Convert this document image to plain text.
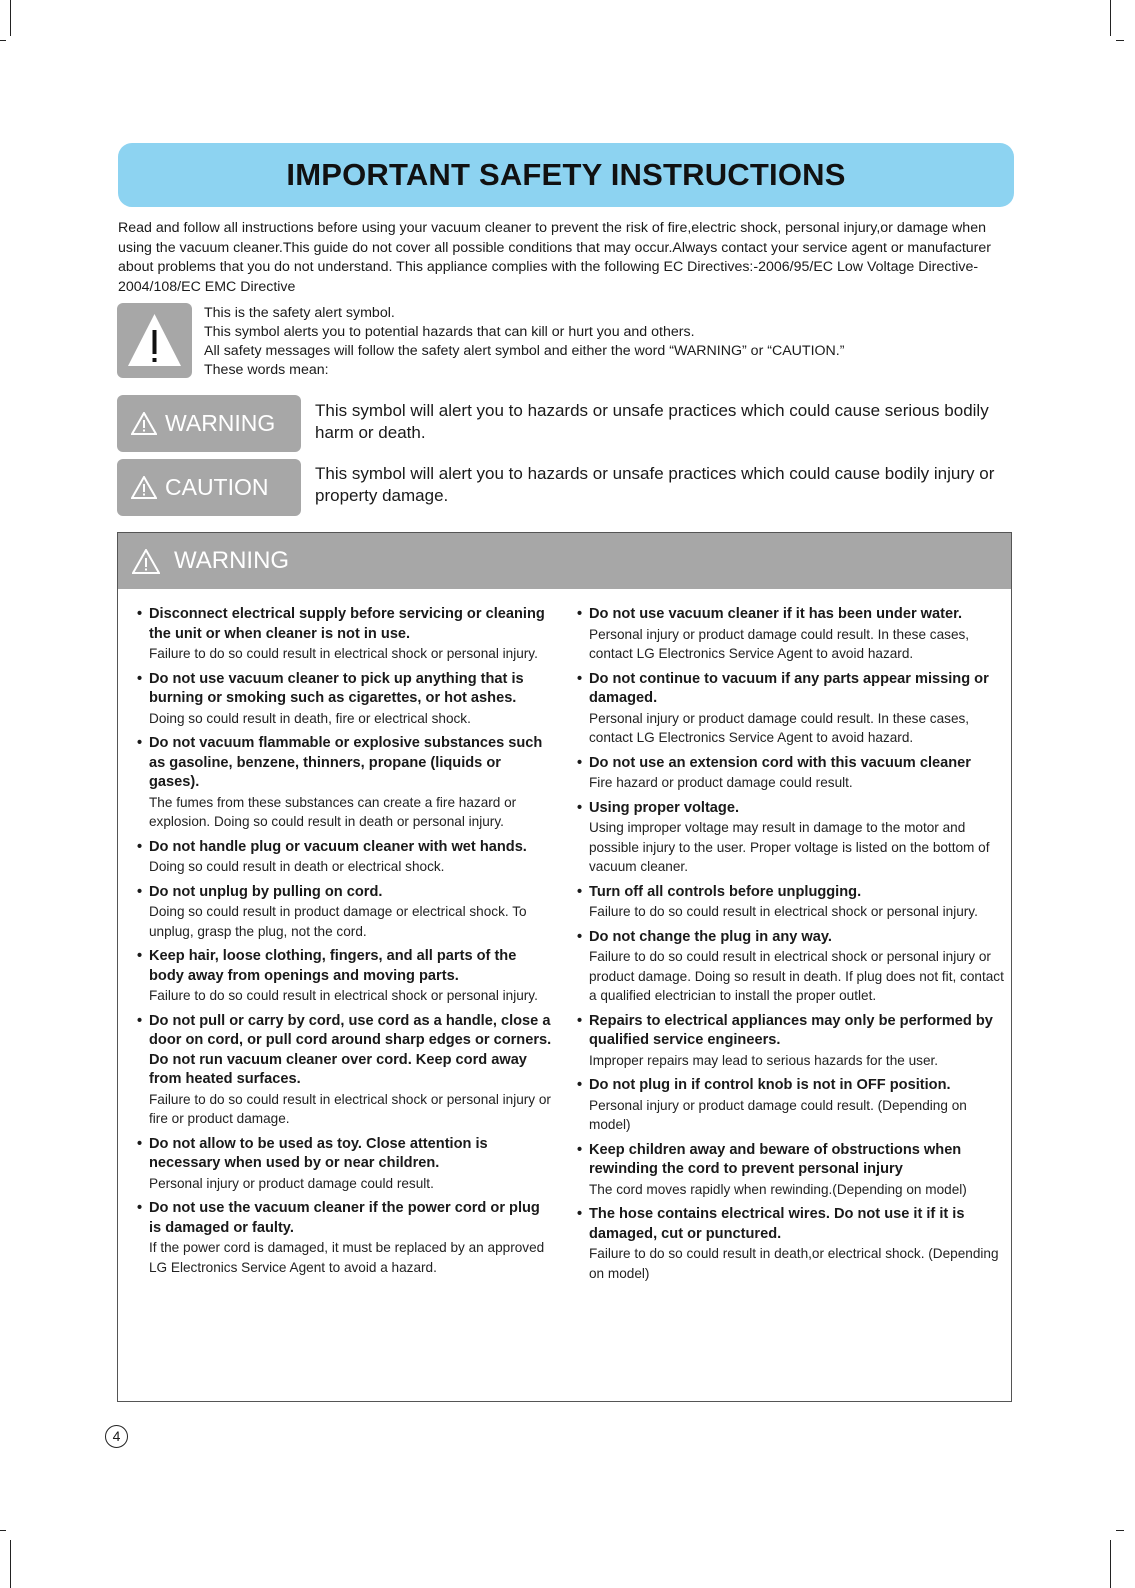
IMPORTANT SAFETY INSTRUCTIONS
Read and follow all instructions before using your vacuum cleaner to prevent the risk of fire,electric shock, personal injury,or damage when using the vacuum cleaner.This guide do not cover all possible conditions that may occur.Always contact your service agent or manufacturer about problems that you do not understand. This appliance complies with the following EC Directives:-2006/95/EC Low Voltage Directive-2004/108/EC EMC Directive
This is the safety alert symbol.
This symbol alerts you to potential hazards that can kill or hurt you and others.
All safety messages will follow the safety alert symbol and either the word “WARNING” or “CAUTION.”
These words mean:
WARNING This symbol will alert you to hazards or unsafe practices which could cause serious bodily harm or death.
CAUTION
This symbol will alert you to hazards or unsafe practices which could cause bodily injury or property damage.
WARNING
• Disconnect electrical supply before servicing or cleaning the unit or when cleaner is not in use.
Failure to do so could result in electrical shock or personal injury.
• Do not use vacuum cleaner to pick up anything that is burning or smoking such as cigarettes, or hot ashes.
Doing so could result in death, fire or electrical shock.
• Do not vacuum flammable or explosive substances such as gasoline, benzene, thinners, propane (liquids or gases).
The fumes from these substances can create a fire hazard or explosion. Doing so could result in death or personal injury.
• Do not handle plug or vacuum cleaner with wet hands.
Doing so could result in death or electrical shock.
• Do not unplug by pulling on cord.
Doing so could result in product damage or electrical shock. To unplug, grasp the plug, not the cord.
• Keep hair, loose clothing, fingers, and all parts of the body away from openings and moving parts.
Failure to do so could result in electrical shock or personal injury.
• Do not pull or carry by cord, use cord as a handle, close a door on cord, or pull cord around sharp edges or corners. Do not run vacuum cleaner over cord. Keep cord away from heated surfaces.
Failure to do so could result in electrical shock or personal injury or fire or product damage.
• Do not allow to be used as toy. Close attention is necessary when used by or near children.
Personal injury or product damage could result.
• Do not use the vacuum cleaner if the power cord or plug is damaged or faulty.
If the power cord is damaged, it must be replaced by an approved LG Electronics Service Agent to avoid a hazard.
• Do not use vacuum cleaner if it has been under water.
Personal injury or product damage could result. In these cases, contact LG Electronics Service Agent to avoid hazard.
• Do not continue to vacuum if any parts appear missing or damaged.
Personal injury or product damage could result. In these cases, contact LG Electronics Service Agent to avoid hazard.
• Do not use an extension cord with this vacuum cleaner
Fire hazard or product damage could result.
• Using proper voltage.
Using improper voltage may result in damage to the motor and possible injury to the user. Proper voltage is listed on the bottom of vacuum cleaner.
• Turn off all controls before unplugging.
Failure to do so could result in electrical shock or personal injury.
• Do not change the plug in any way.
Failure to do so could result in electrical shock or personal injury or product damage. Doing so result in death. If plug does not fit, contact a qualified electrician to install the proper outlet.
• Repairs to electrical appliances may only be performed by qualified service engineers.
Improper repairs may lead to serious hazards for the user.
• Do not plug in if control knob is not in OFF position.
Personal injury or product damage could result. (Depending on model)
• Keep children away and beware of obstructions when rewinding the cord to prevent personal injury
The cord moves rapidly when rewinding.(Depending on model)
• The hose contains electrical wires. Do not use it if it is damaged, cut or punctured.
Failure to do so could result in death,or electrical shock. (Depending on model)
4
